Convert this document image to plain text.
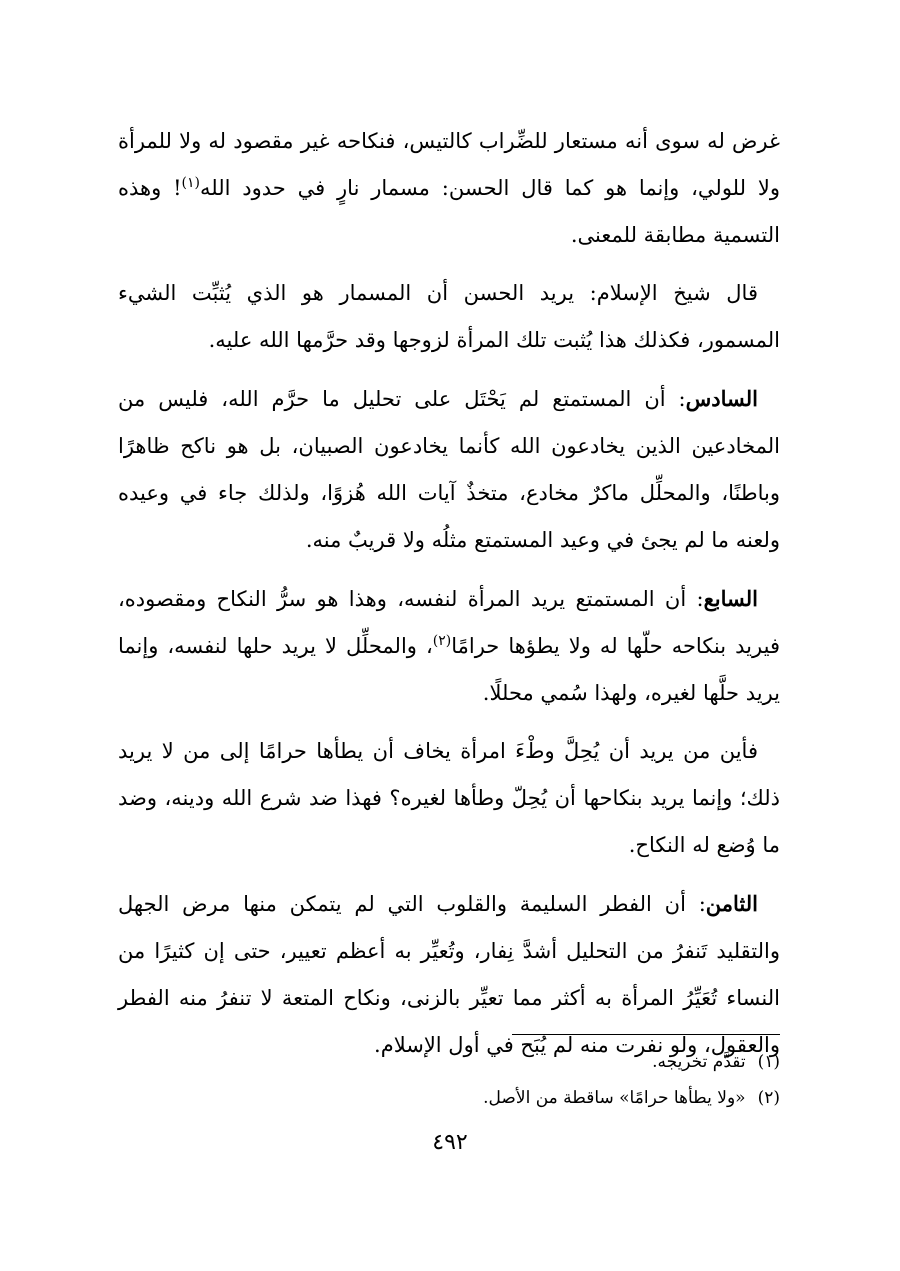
غرض له سوى أنه مستعار للضِّراب كالتيس، فنكاحه غير مقصود له ولا للمرأة ولا للولي، وإنما هو كما قال الحسن: مسمار نارٍ في حدود الله$^{(١)}$! وهذه التسمية مطابقة للمعنى.

قال شيخ الإسلام: يريد الحسن أن المسمار هو الذي يُثبِّت الشيء المسمور، فكذلك هذا يُثبت تلك المرأة لزوجها وقد حرَّمها الله عليه.

السادس: أن المستمتع لم يَحْتَل على تحليل ما حرَّم الله، فليس من المخادعين الذين يخادعون الله كأنما يخادعون الصبيان، بل هو ناكح ظاهرًا وباطنًا، والمحلِّل ماكرٌ مخادع، متخذٌ آيات الله هُزوًا، ولذلك جاء في وعيده ولعنه ما لم يجئ في وعيد المستمتع مثلُه ولا قريبٌ منه.

السابع: أن المستمتع يريد المرأة لنفسه، وهذا هو سرُّ النكاح ومقصوده، فيريد بنكاحه حلّها له ولا يطؤها حرامًا$^{(٢)}$، والمحلِّل لا يريد حلها لنفسه، وإنما يريد حلَّها لغيره، ولهذا سُمي محللًا.

فأين من يريد أن يُحِلَّ وطْءَ امرأة يخاف أن يطأها حرامًا إلى من لا يريد ذلك؛ وإنما يريد بنكاحها أن يُحِلّ وطأها لغيره؟ فهذا ضد شرع الله ودينه، وضد ما وُضع له النكاح.

الثامن: أن الفطر السليمة والقلوب التي لم يتمكن منها مرض الجهل والتقليد تَنفرُ من التحليل أشدَّ نِفار، وتُعيِّر به أعظم تعيير، حتى إن كثيرًا من النساء تُعَيِّرُ المرأة به أكثر مما تعيِّر بالزنى، ونكاح المتعة لا تنفرُ منه الفطر والعقول، ولو نفرت منه لم يُبَح في أول الإسلام.

(١)تقدَّم تخريجه.

(٢)«ولا يطأها حرامًا» ساقطة من الأصل.

٤٩٢
